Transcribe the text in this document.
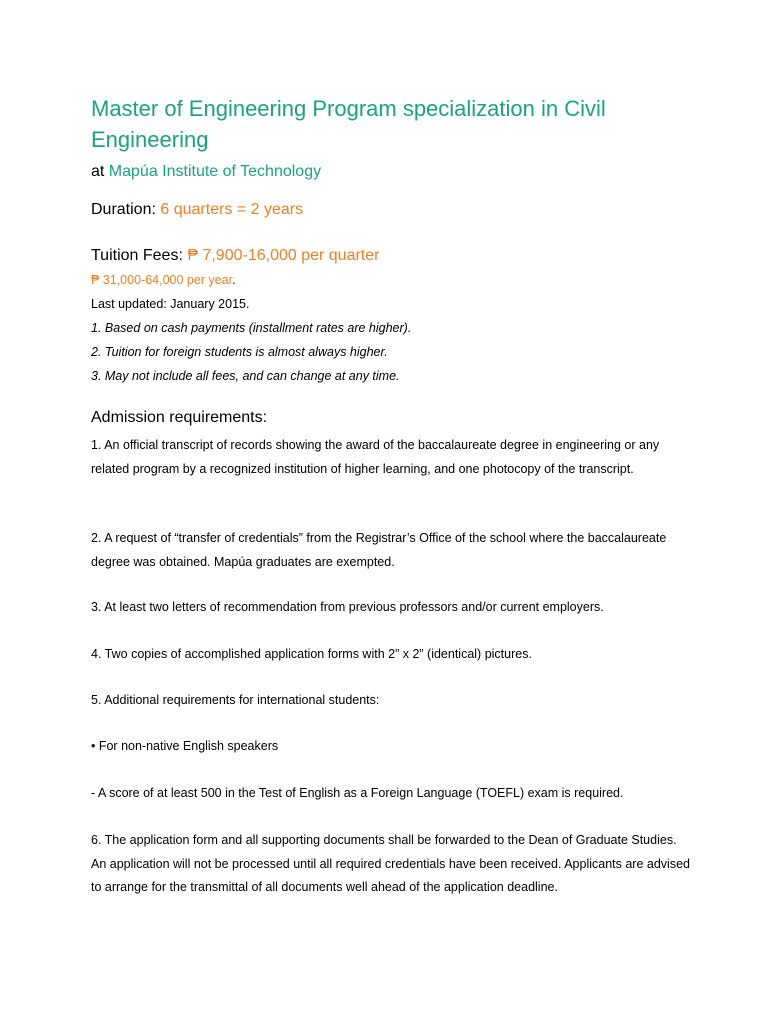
Master of Engineering Program specialization in Civil Engineering
at Mapúa Institute of Technology
Duration: 6 quarters = 2 years
Tuition Fees: ₱ 7,900-16,000 per quarter
₱ 31,000-64,000 per year.
Last updated: January 2015.
1. Based on cash payments (installment rates are higher).
2. Tuition for foreign students is almost always higher.
3. May not include all fees, and can change at any time.
Admission requirements:
1. An official transcript of records showing the award of the baccalaureate degree in engineering or any related program by a recognized institution of higher learning, and one photocopy of the transcript.
2. A request of “transfer of credentials” from the Registrar’s Office of the school where the baccalaureate degree was obtained. Mapúa graduates are exempted.
3. At least two letters of recommendation from previous professors and/or current employers.
4. Two copies of accomplished application forms with 2” x 2” (identical) pictures.
5. Additional requirements for international students:
• For non-native English speakers
- A score of at least 500 in the Test of English as a Foreign Language (TOEFL) exam is required.
6. The application form and all supporting documents shall be forwarded to the Dean of Graduate Studies. An application will not be processed until all required credentials have been received. Applicants are advised to arrange for the transmittal of all documents well ahead of the application deadline.
